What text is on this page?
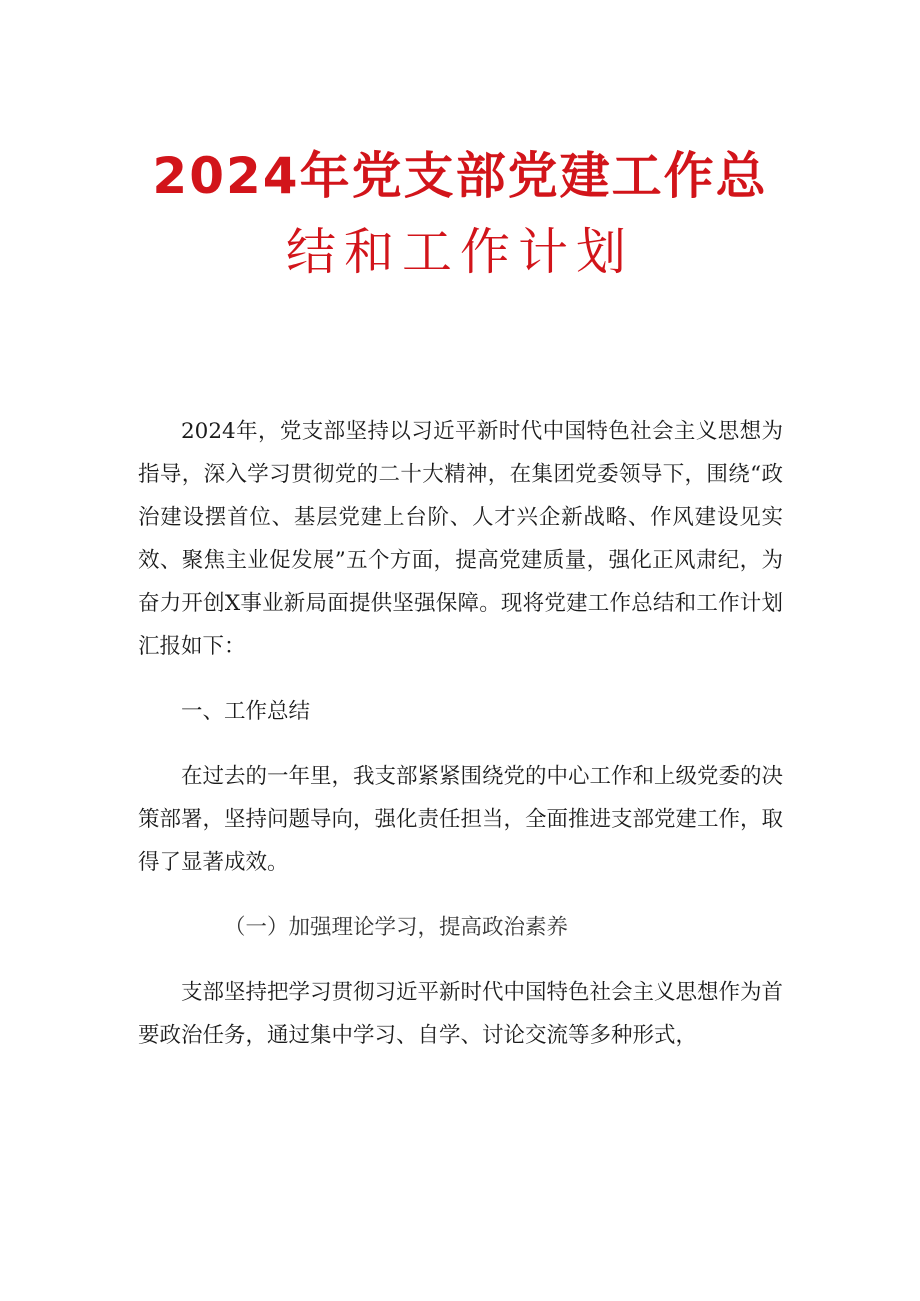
2024年党支部党建工作总
结和工作计划

2024年，党支部坚持以习近平新时代中国特色社会主义思想为指导，深入学习贯彻党的二十大精神，在集团党委领导下，围绕“政治建设摆首位、基层党建上台阶、人才兴企新战略、作风建设见实效、聚焦主业促发展”五个方面，提高党建质量，强化正风肃纪，为奋力开创X事业新局面提供坚强保障。现将党建工作总结和工作计划汇报如下：

一、工作总结

在过去的一年里，我支部紧紧围绕党的中心工作和上级党委的决策部署，坚持问题导向，强化责任担当，全面推进支部党建工作，取得了显著成效。

（一）加强理论学习，提高政治素养

支部坚持把学习贯彻习近平新时代中国特色社会主义思想作为首要政治任务，通过集中学习、自学、讨论交流等多种形式，
